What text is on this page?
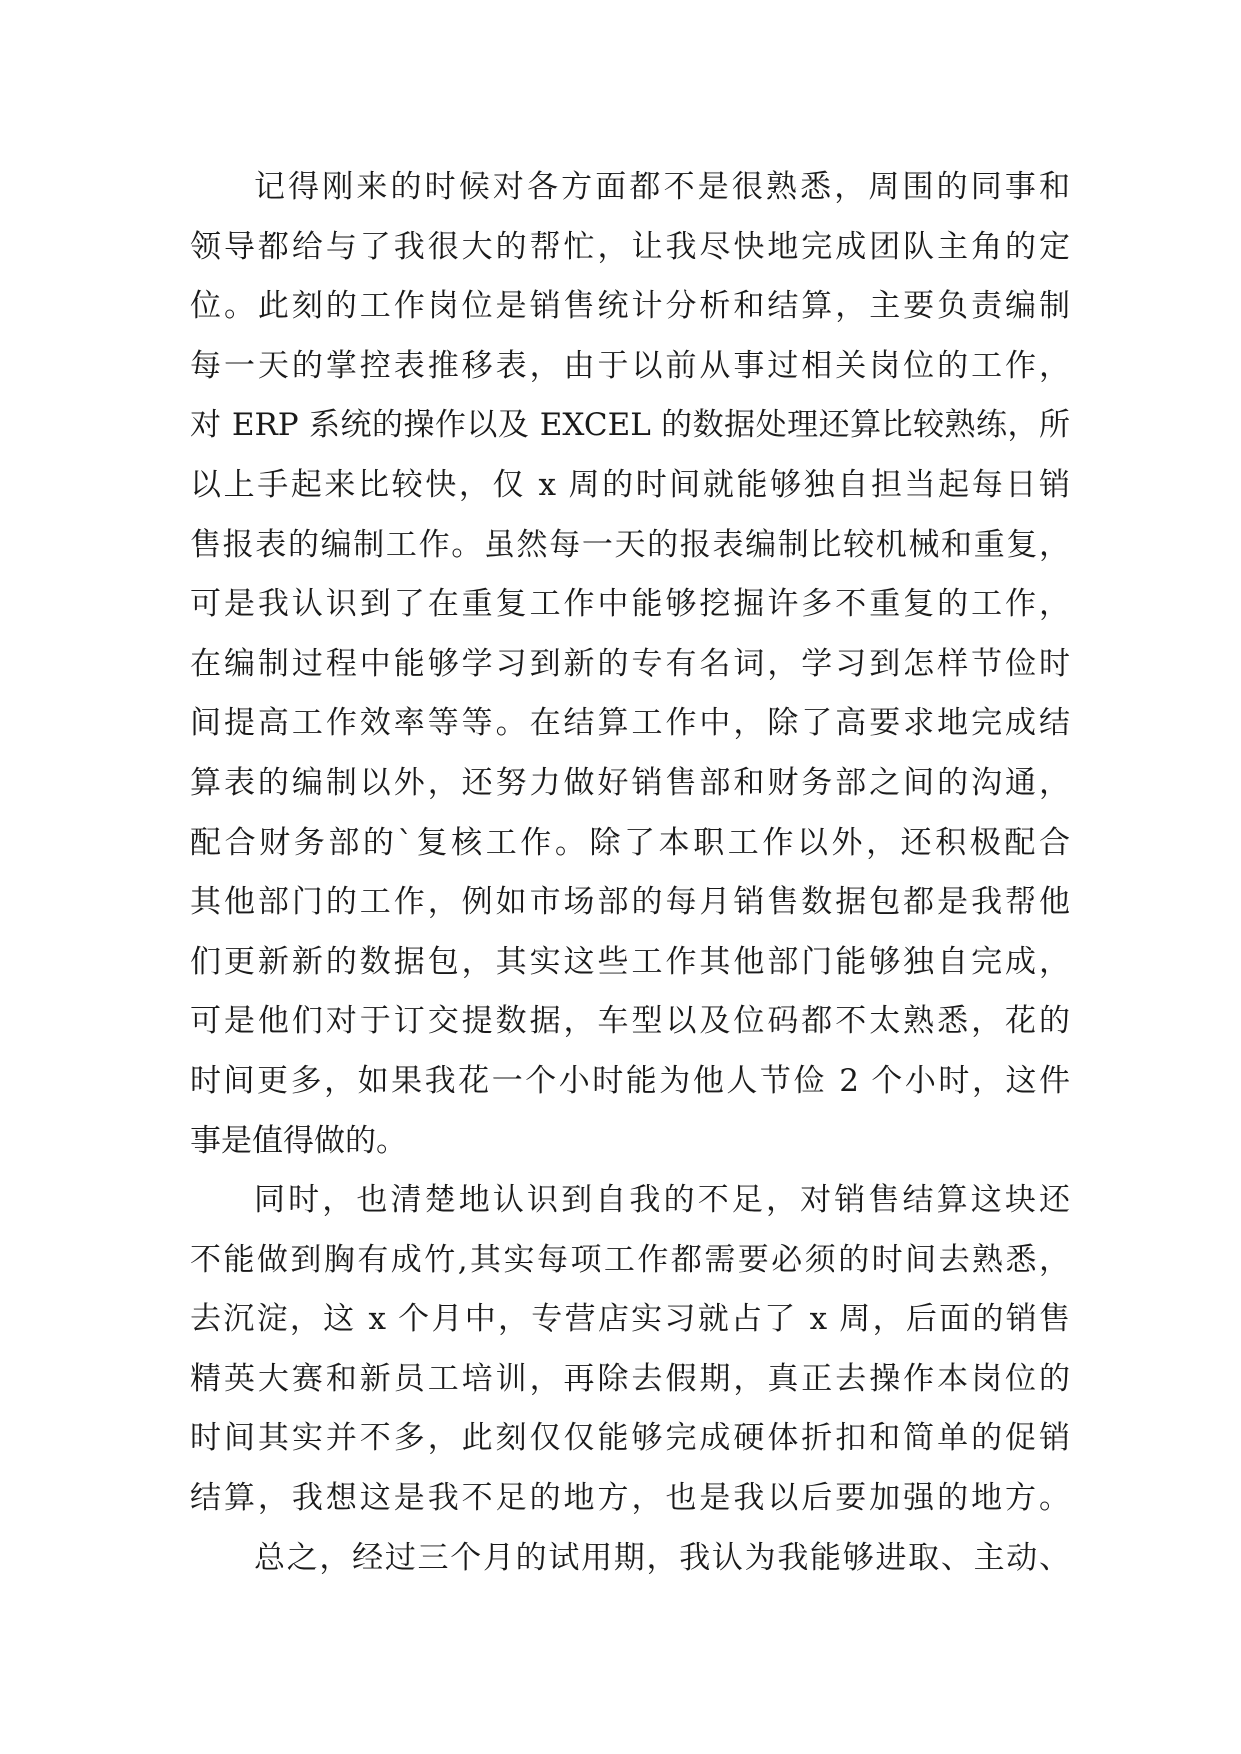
记得刚来的时候对各方面都不是很熟悉，周围的同事和
领导都给与了我很大的帮忙，让我尽快地完成团队主角的定
位。此刻的工作岗位是销售统计分析和结算，主要负责编制
每一天的掌控表推移表，由于以前从事过相关岗位的工作，
对 ERP 系统的操作以及 EXCEL 的数据处理还算比较熟练，所
以上手起来比较快，仅 x 周的时间就能够独自担当起每日销
售报表的编制工作。虽然每一天的报表编制比较机械和重复，
可是我认识到了在重复工作中能够挖掘许多不重复的工作，
在编制过程中能够学习到新的专有名词，学习到怎样节俭时
间提高工作效率等等。在结算工作中，除了高要求地完成结
算表的编制以外，还努力做好销售部和财务部之间的沟通，
配合财务部的`复核工作。除了本职工作以外，还积极配合
其他部门的工作，例如市场部的每月销售数据包都是我帮他
们更新新的数据包，其实这些工作其他部门能够独自完成，
可是他们对于订交提数据，车型以及位码都不太熟悉，花的
时间更多，如果我花一个小时能为他人节俭 2 个小时，这件
事是值得做的。
同时，也清楚地认识到自我的不足，对销售结算这块还
不能做到胸有成竹,其实每项工作都需要必须的时间去熟悉，
去沉淀，这 x 个月中，专营店实习就占了 x 周，后面的销售
精英大赛和新员工培训，再除去假期，真正去操作本岗位的
时间其实并不多，此刻仅仅能够完成硬体折扣和简单的促销
结算，我想这是我不足的地方，也是我以后要加强的地方。
总之，经过三个月的试用期，我认为我能够进取、主动、
